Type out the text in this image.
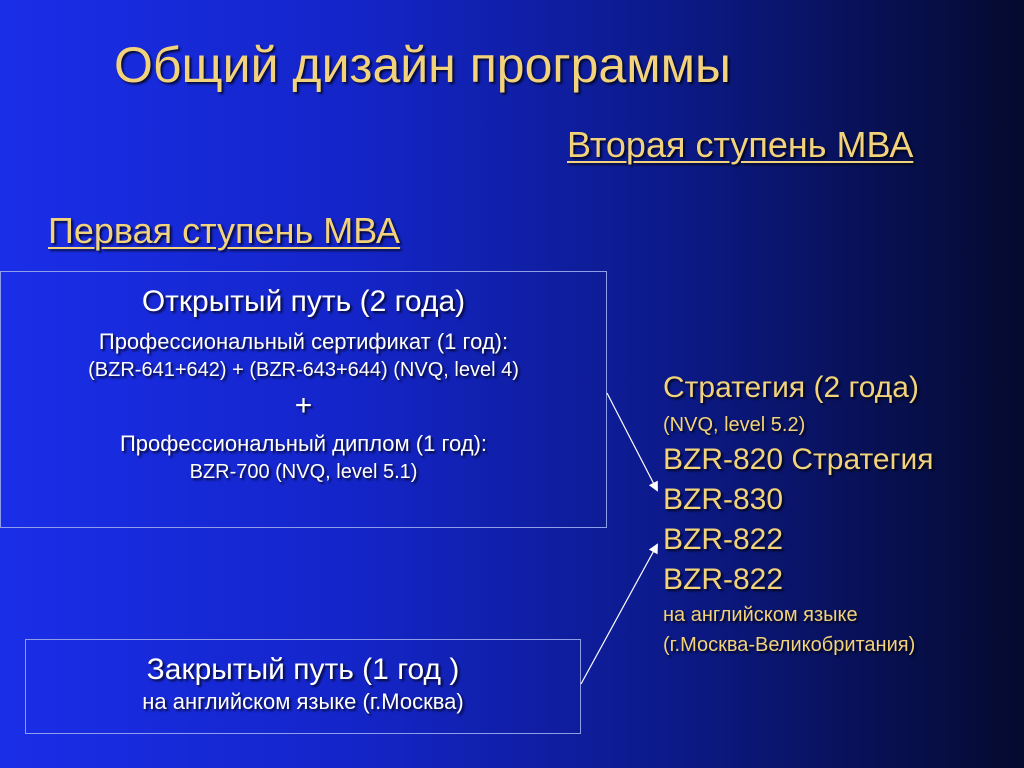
Общий дизайн программы
Вторая ступень МВА
Первая ступень МВА
Открытый путь (2 года)
Профессиональный сертификат (1 год):
(BZR-641+642) + (BZR-643+644) (NVQ, level 4)
+
Профессиональный диплом (1 год):
BZR-700 (NVQ, level 5.1)
Закрытый путь (1 год )
на английском языке (г.Москва)
Стратегия (2 года)
(NVQ, level 5.2)
BZR-820 Стратегия
BZR-830
BZR-822
BZR-822
на английском языке
(г.Москва-Великобритания)
